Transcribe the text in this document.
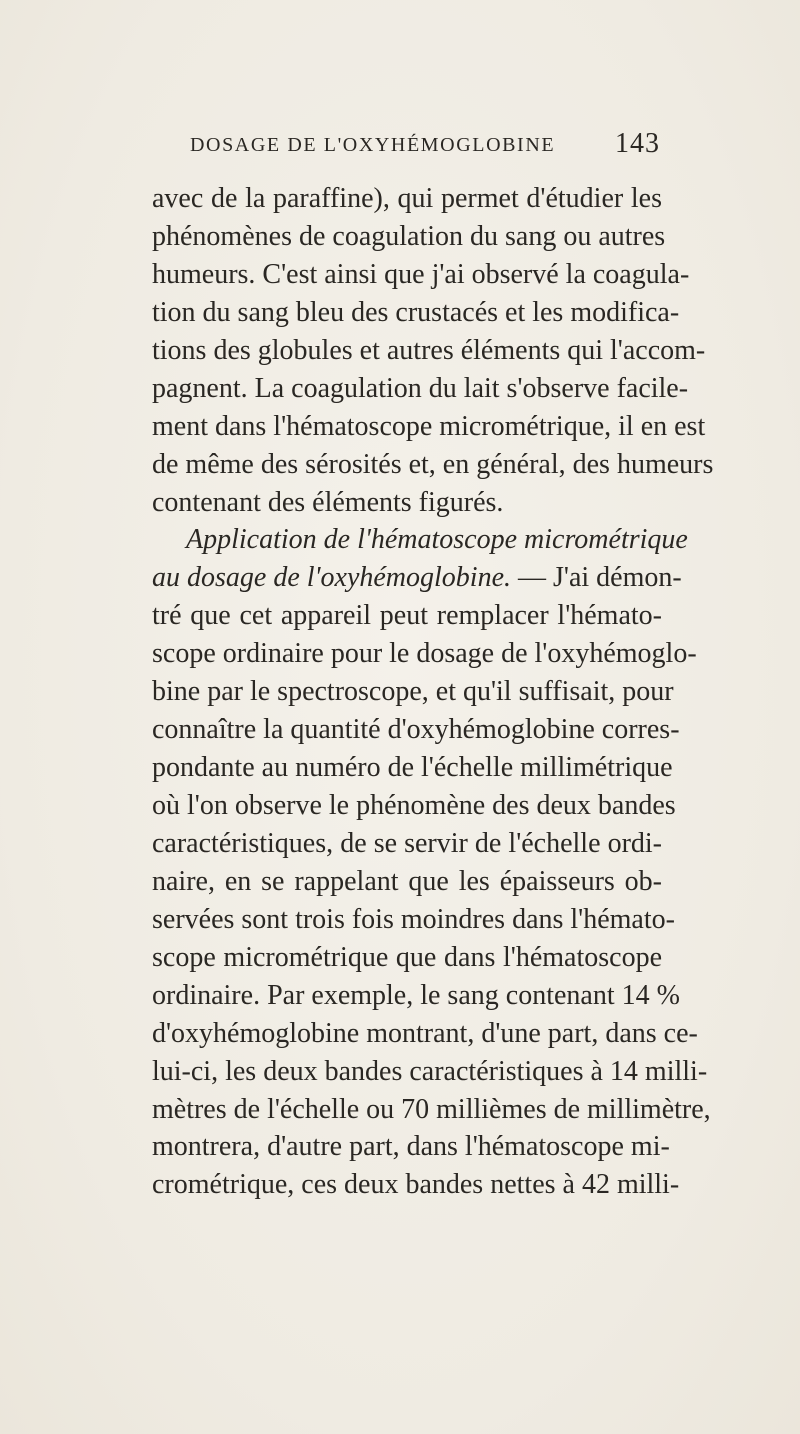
DOSAGE DE L'OXYHÉMOGLOBINE 143
avec de la paraffine), qui permet d'étudier les
phénomènes de coagulation du sang ou autres
humeurs. C'est ainsi que j'ai observé la coagula-
tion du sang bleu des crustacés et les modifica-
tions des globules et autres éléments qui l'accom-
pagnent. La coagulation du lait s'observe facile-
ment dans l'hématoscope micrométrique, il en est
de même des sérosités et, en général, des humeurs
contenant des éléments figurés.
Application de l'hématoscope micrométrique
au dosage de l'oxyhémoglobine. — J'ai démon-
tré que cet appareil peut remplacer l'hémato-
scope ordinaire pour le dosage de l'oxyhémoglo-
bine par le spectroscope, et qu'il suffisait, pour
connaître la quantité d'oxyhémoglobine corres-
pondante au numéro de l'échelle millimétrique
où l'on observe le phénomène des deux bandes
caractéristiques, de se servir de l'échelle ordi-
naire, en se rappelant que les épaisseurs ob-
servées sont trois fois moindres dans l'hémato-
scope micrométrique que dans l'hématoscope
ordinaire. Par exemple, le sang contenant 14 %
d'oxyhémoglobine montrant, d'une part, dans ce-
lui-ci, les deux bandes caractéristiques à 14 milli-
mètres de l'échelle ou 70 millièmes de millimètre,
montrera, d'autre part, dans l'hématoscope mi-
crométrique, ces deux bandes nettes à 42 milli-
